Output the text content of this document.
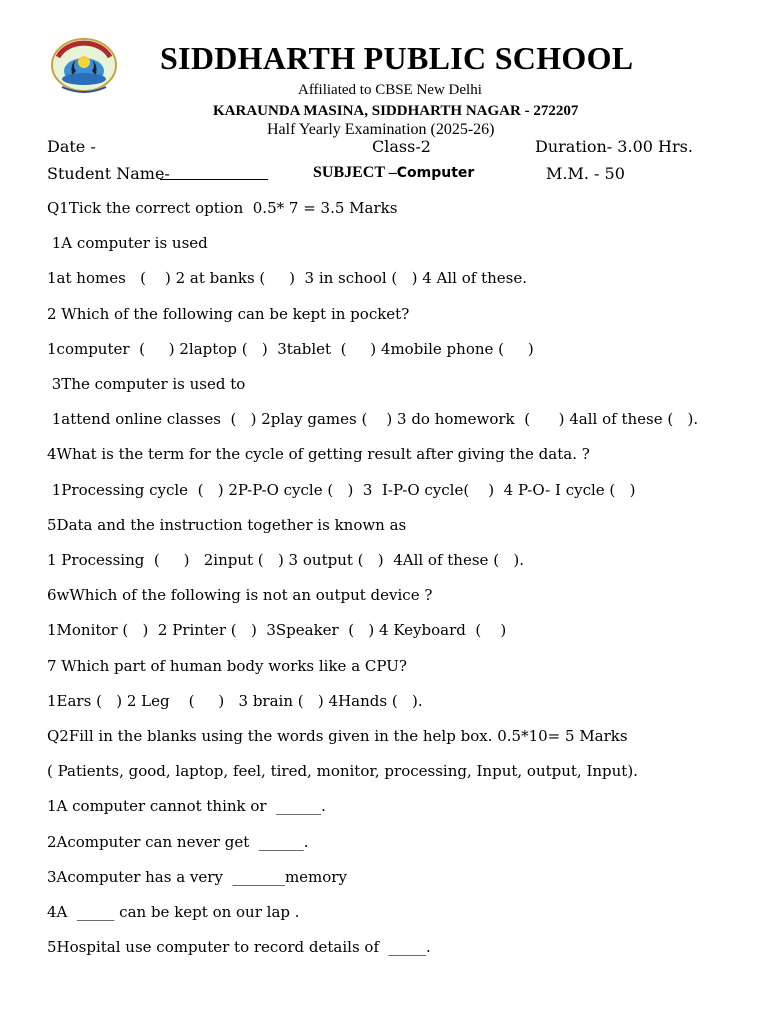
SIDDHARTH PUBLIC SCHOOL
Affiliated to CBSE New Delhi
KARAUNDA MASINA, SIDDHARTH NAGAR - 272207
Half Yearly Examination (2025-26)
Date -	Class-2	Duration- 3.00 Hrs.
Student Name-	SUBJECT –Computer	M.M. - 50
Q1Tick the correct option  0.5* 7 = 3.5 Marks
1A computer is used
1at homes   (    ) 2 at banks (     )  3 in school (   ) 4 All of these.
2 Which of the following can be kept in pocket?
1computer  (     ) 2laptop (   )  3tablet  (     ) 4mobile phone (     )
3The computer is used to
1attend online classes  (   ) 2play games (    ) 3 do homework  (      ) 4all of these (   ).
4What is the term for the cycle of getting result after giving the data. ?
1Processing cycle  (   ) 2P-P-O cycle (   )  3  I-P-O cycle(    )  4 P-O- I cycle (   )
5Data and the instruction together is known as
1 Processing  (     )   2input (   ) 3 output (   )  4All of these (   ).
6wWhich of the following is not an output device ?
1Monitor (   )  2 Printer (   )  3Speaker  (   ) 4 Keyboard  (    )
7 Which part of human body works like a CPU?
1Ears (   ) 2 Leg    (     )   3 brain (   ) 4Hands (   ).
Q2Fill in the blanks using the words given in the help box. 0.5*10= 5 Marks
( Patients, good, laptop, feel, tired, monitor, processing, Input, output, Input).
1A computer cannot think or  ______.
2Acomputer can never get  ______.
3Acomputer has a very  _______memory
4A  _____ can be kept on our lap .
5Hospital use computer to record details of  _____.
